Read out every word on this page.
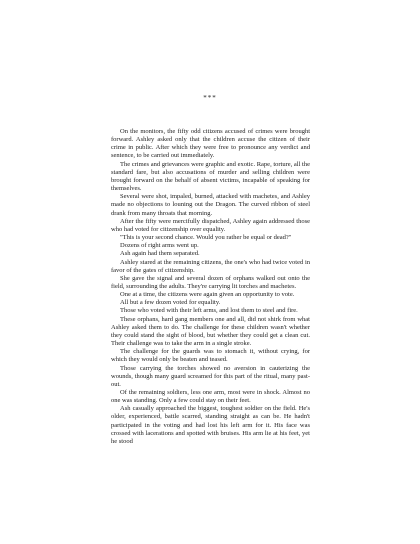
***

On the monitors, the fifty odd citizens accused of crimes were brought forward. Ashley asked only that the children accuse the citizen of their crime in public. After which they were free to pronounce any verdict and sentence, to be carried out immediately.

The crimes and grievances were graphic and exotic. Rape, torture, all the standard fare, but also accusations of murder and selling children were brought forward on the behalf of absent victims, incapable of speaking for themselves.

Several were shot, impaled, burned, attacked with machetes, and Ashley made no objections to louning out the Dragon. The curved ribbon of steel drank from many throats that morning.

After the fifty were mercifully dispatched, Ashley again addressed those who had voted for citizenship over equality.

"This is your second chance. Would you rather be equal or dead?"

Dozens of right arms went up.

Ash again had them separated.

Ashley stared at the remaining citizens, the one's who had twice voted in favor of the gates of citizenship.

She gave the signal and several dozen of orphans walked out onto the field, surrounding the adults. They're carrying lit torches and machetes.

One at a time, the citizens were again given an opportunity to vote.

All but a few dozen voted for equality.

Those who voted with their left arms, and lost them to steel and fire.

These orphans, hard gang members one and all, did not shirk from what Ashley asked them to do. The challenge for these children wasn't whether they could stand the sight of blood, but whether they could get a clean cut. Their challenge was to take the arm in a single stroke.

The challenge for the guards was to stomach it, without crying, for which they would only be beaten and teased.

Those carrying the torches showed no aversion in cauterizing the wounds, though many guard screamed for this part of the ritual, many past-out.

Of the remaining soldiers, less one arm, most were in shock. Almost no one was standing. Only a few could stay on their feet.

Ash casually approached the biggest, toughest soldier on the field. He's older, experienced, battle scarred, standing straight as can be. He hadn't participated in the voting and had lost his left arm for it. His face was crossed with lacerations and spotted with bruises. His arm lie at his feet, yet he stood
